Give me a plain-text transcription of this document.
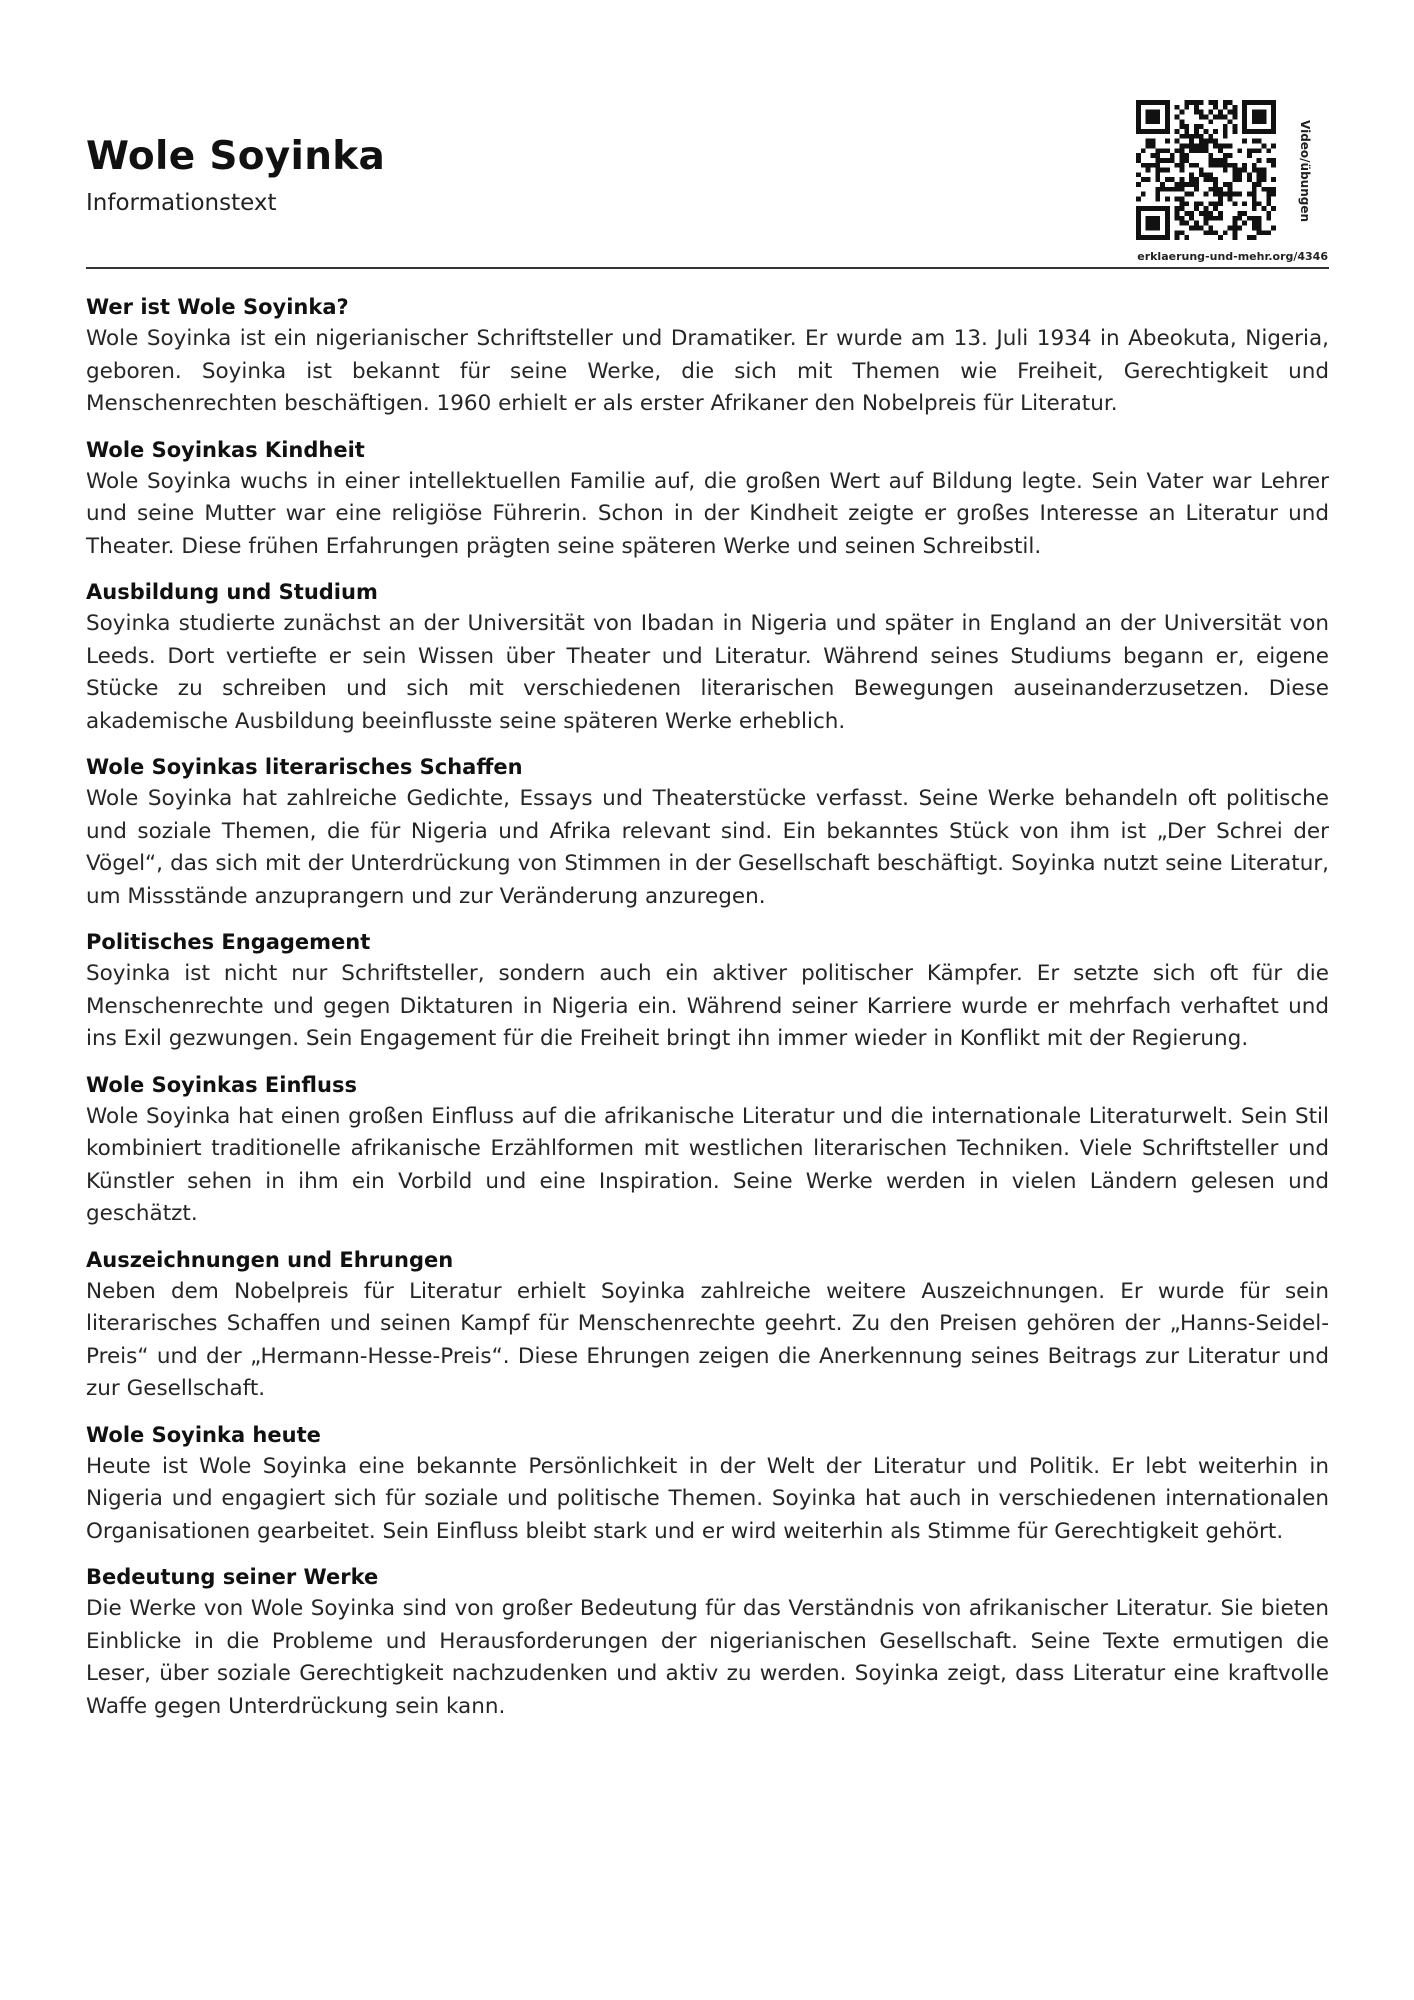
Wole Soyinka
Informationstext	Video/übungen
erklaerung-und-mehr.org/4346
Wer ist Wole Soyinka?

Wole Soyinka ist ein nigerianischer Schriftsteller und Dramatiker. Er wurde am 13. Juli 1934 in Abeokuta, Nigeria, geboren. Soyinka ist bekannt für seine Werke, die sich mit Themen wie Freiheit, Gerechtigkeit und Menschenrechten beschäftigen. 1960 erhielt er als erster Afrikaner den Nobelpreis für Literatur.

Wole Soyinkas Kindheit

Wole Soyinka wuchs in einer intellektuellen Familie auf, die großen Wert auf Bildung legte. Sein Vater war Lehrer und seine Mutter war eine religiöse Führerin. Schon in der Kindheit zeigte er großes Interesse an Literatur und Theater. Diese frühen Erfahrungen prägten seine späteren Werke und seinen Schreibstil.

Ausbildung und Studium

Soyinka studierte zunächst an der Universität von Ibadan in Nigeria und später in England an der Universität von Leeds. Dort vertiefte er sein Wissen über Theater und Literatur. Während seines Studiums begann er, eigene Stücke zu schreiben und sich mit verschiedenen literarischen Bewegungen auseinanderzusetzen. Diese akademische Ausbildung beeinflusste seine späteren Werke erheblich.

Wole Soyinkas literarisches Schaffen

Wole Soyinka hat zahlreiche Gedichte, Essays und Theaterstücke verfasst. Seine Werke behandeln oft politische und soziale Themen, die für Nigeria und Afrika relevant sind. Ein bekanntes Stück von ihm ist „Der Schrei der Vögel“, das sich mit der Unterdrückung von Stimmen in der Gesellschaft beschäftigt. Soyinka nutzt seine Literatur, um Missstände anzuprangern und zur Veränderung anzuregen.

Politisches Engagement

Soyinka ist nicht nur Schriftsteller, sondern auch ein aktiver politischer Kämpfer. Er setzte sich oft für die Menschenrechte und gegen Diktaturen in Nigeria ein. Während seiner Karriere wurde er mehrfach verhaftet und ins Exil gezwungen. Sein Engagement für die Freiheit bringt ihn immer wieder in Konflikt mit der Regierung.

Wole Soyinkas Einfluss

Wole Soyinka hat einen großen Einfluss auf die afrikanische Literatur und die internationale Literaturwelt. Sein Stil kombiniert traditionelle afrikanische Erzählformen mit westlichen literarischen Techniken. Viele Schriftsteller und Künstler sehen in ihm ein Vorbild und eine Inspiration. Seine Werke werden in vielen Ländern gelesen und geschätzt.

Auszeichnungen und Ehrungen

Neben dem Nobelpreis für Literatur erhielt Soyinka zahlreiche weitere Auszeichnungen. Er wurde für sein literarisches Schaffen und seinen Kampf für Menschenrechte geehrt. Zu den Preisen gehören der „Hanns-Seidel-Preis“ und der „Hermann-Hesse-Preis“. Diese Ehrungen zeigen die Anerkennung seines Beitrags zur Literatur und zur Gesellschaft.

Wole Soyinka heute

Heute ist Wole Soyinka eine bekannte Persönlichkeit in der Welt der Literatur und Politik. Er lebt weiterhin in Nigeria und engagiert sich für soziale und politische Themen. Soyinka hat auch in verschiedenen internationalen Organisationen gearbeitet. Sein Einfluss bleibt stark und er wird weiterhin als Stimme für Gerechtigkeit gehört.

Bedeutung seiner Werke

Die Werke von Wole Soyinka sind von großer Bedeutung für das Verständnis von afrikanischer Literatur. Sie bieten Einblicke in die Probleme und Herausforderungen der nigerianischen Gesellschaft. Seine Texte ermutigen die Leser, über soziale Gerechtigkeit nachzudenken und aktiv zu werden. Soyinka zeigt, dass Literatur eine kraftvolle Waffe gegen Unterdrückung sein kann.
